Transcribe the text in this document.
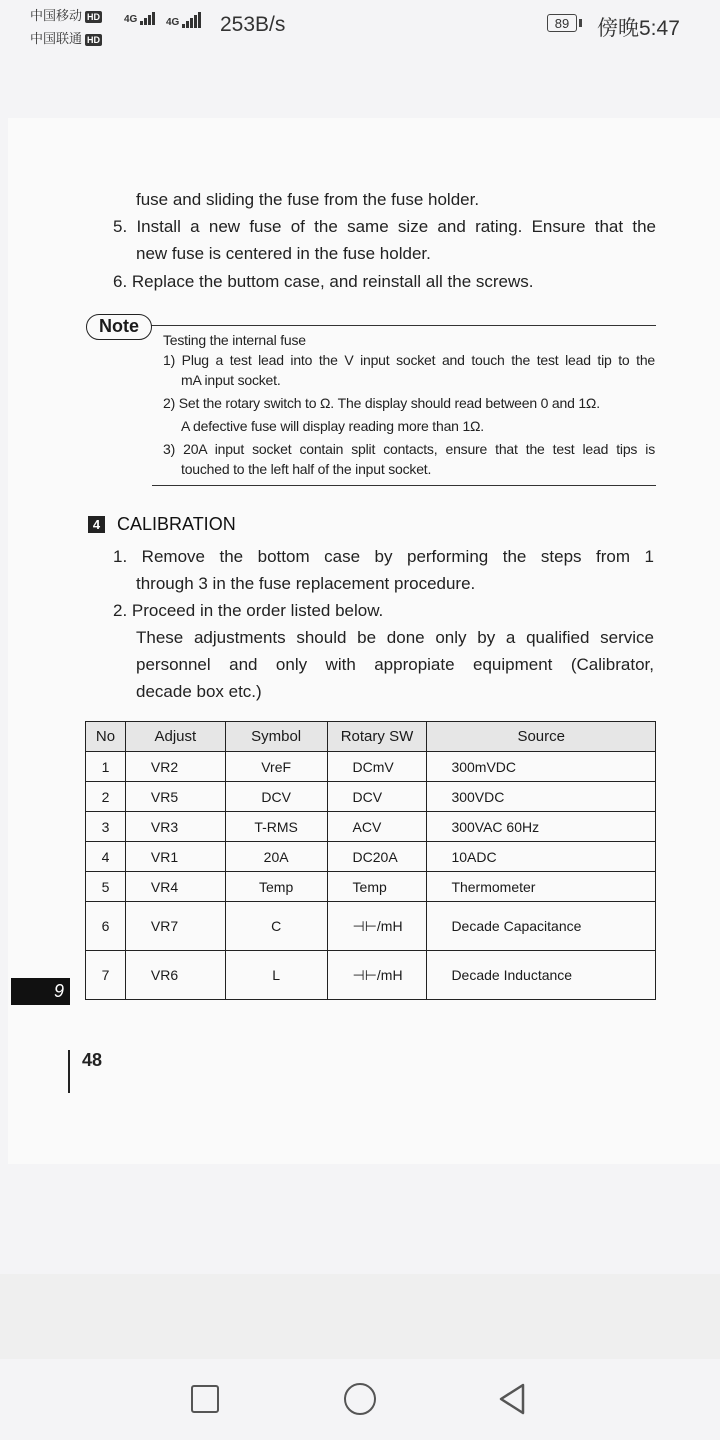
中国移动 HD
中国联通 HD
4G	4G	253B/s	89	傍晚5:47
fuse and sliding the fuse from the fuse holder.
5. Install a new fuse of the same size and rating. Ensure that the
new fuse is centered in the fuse holder.
6. Replace the buttom case, and reinstall all the screws.
Note
Testing the internal fuse
1) Plug a test lead into the V input socket and touch the test lead tip to the
mA input socket.
2) Set the rotary switch to Ω. The display should read between 0 and 1Ω.
A defective fuse will display reading more than 1Ω.
3) 20A input socket contain split contacts, ensure that the test lead tips is
touched to the left half of the input socket.
4 CALIBRATION
1. Remove the bottom case by performing the steps from 1
through 3 in the fuse replacement procedure.
2. Proceed in the order listed below.
These adjustments should be done only by a qualified service
personnel and only with appropiate equipment (Calibrator,
decade box etc.)
No	Adjust	Symbol	Rotary SW	Source
1	VR2	VreF	DCmV	300mVDC
2	VR5	DCV	DCV	300VDC
3	VR3	T-RMS	ACV	300VAC 60Hz
4	VR1	20A	DC20A	10ADC
5	VR4	Temp	Temp	Thermometer
6	VR7	C	⊣⊢/mH	Decade Capacitance
7	VR6	L	⊣⊢/mH	Decade Inductance
9
48
